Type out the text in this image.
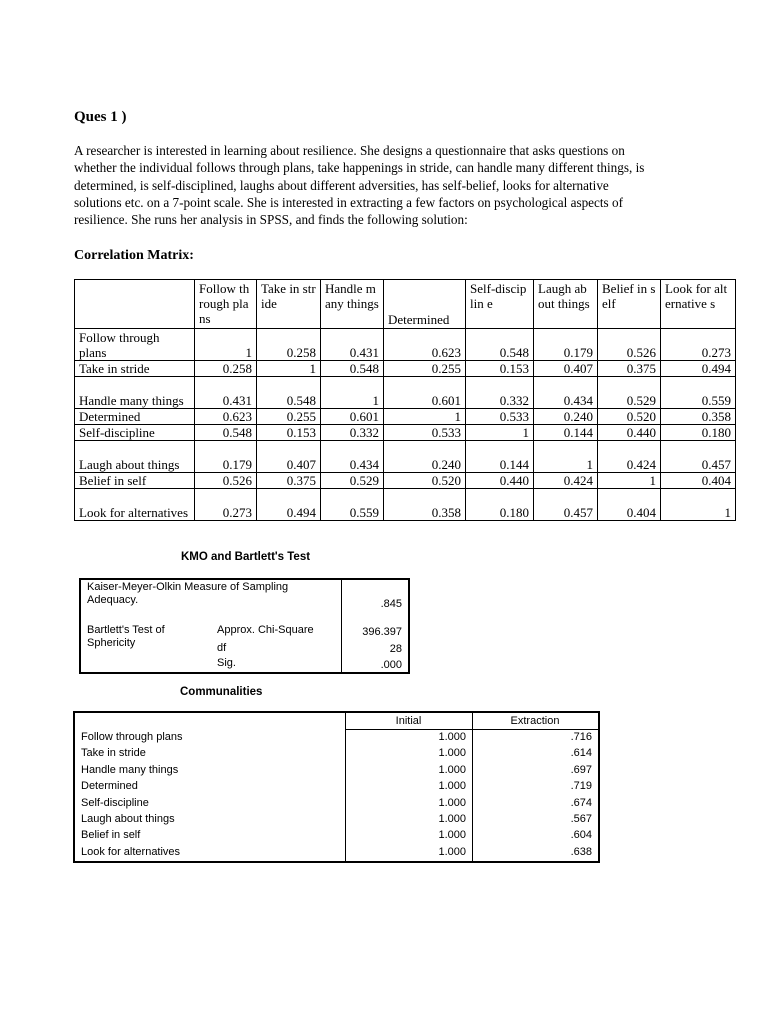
Ques 1 )

A researcher is interested in learning about resilience. She designs a questionnaire that asks questions on
whether the individual follows through plans, take happenings in stride, can handle many different things, is
determined, is self-disciplined, laughs about different adversities, has self-belief, looks for alternative
solutions etc. on a 7-point scale. She is interested in extracting a few factors on psychological aspects of
resilience. She runs her analysis in SPSS, and finds the following solution:

Correlation Matrix:
	Follow through plans	Take in stride	Handle many things	Determined	Self-disciplin e	Laugh about things	Belief in self	Look for alternative s
Follow through plans	1	0.258	0.431	0.623	0.548	0.179	0.526	0.273
Take in stride	0.258	1	0.548	0.255	0.153	0.407	0.375	0.494
Handle many things	0.431	0.548	1	0.601	0.332	0.434	0.529	0.559
Determined	0.623	0.255	0.601	1	0.533	0.240	0.520	0.358
Self-discipline	0.548	0.153	0.332	0.533	1	0.144	0.440	0.180
Laugh about things	0.179	0.407	0.434	0.240	0.144	1	0.424	0.457
Belief in self	0.526	0.375	0.529	0.520	0.440	0.424	1	0.404
Look for alternatives	0.273	0.494	0.559	0.358	0.180	0.457	0.404	1

KMO and Bartlett's Test

Kaiser-Meyer-Olkin Measure of Sampling Adequacy.	.845

Bartlett's Test of Sphericity

Approx. Chi-Square	396.397

df	28

Sig.	.000

Communalities

Initial	Extraction

Follow through plans	1.000	.716
Take in stride	1.000	.614
Handle many things	1.000	.697
Determined	1.000	.719
Self-discipline	1.000	.674
Laugh about things	1.000	.567
Belief in self	1.000	.604
Look for alternatives	1.000	.638
